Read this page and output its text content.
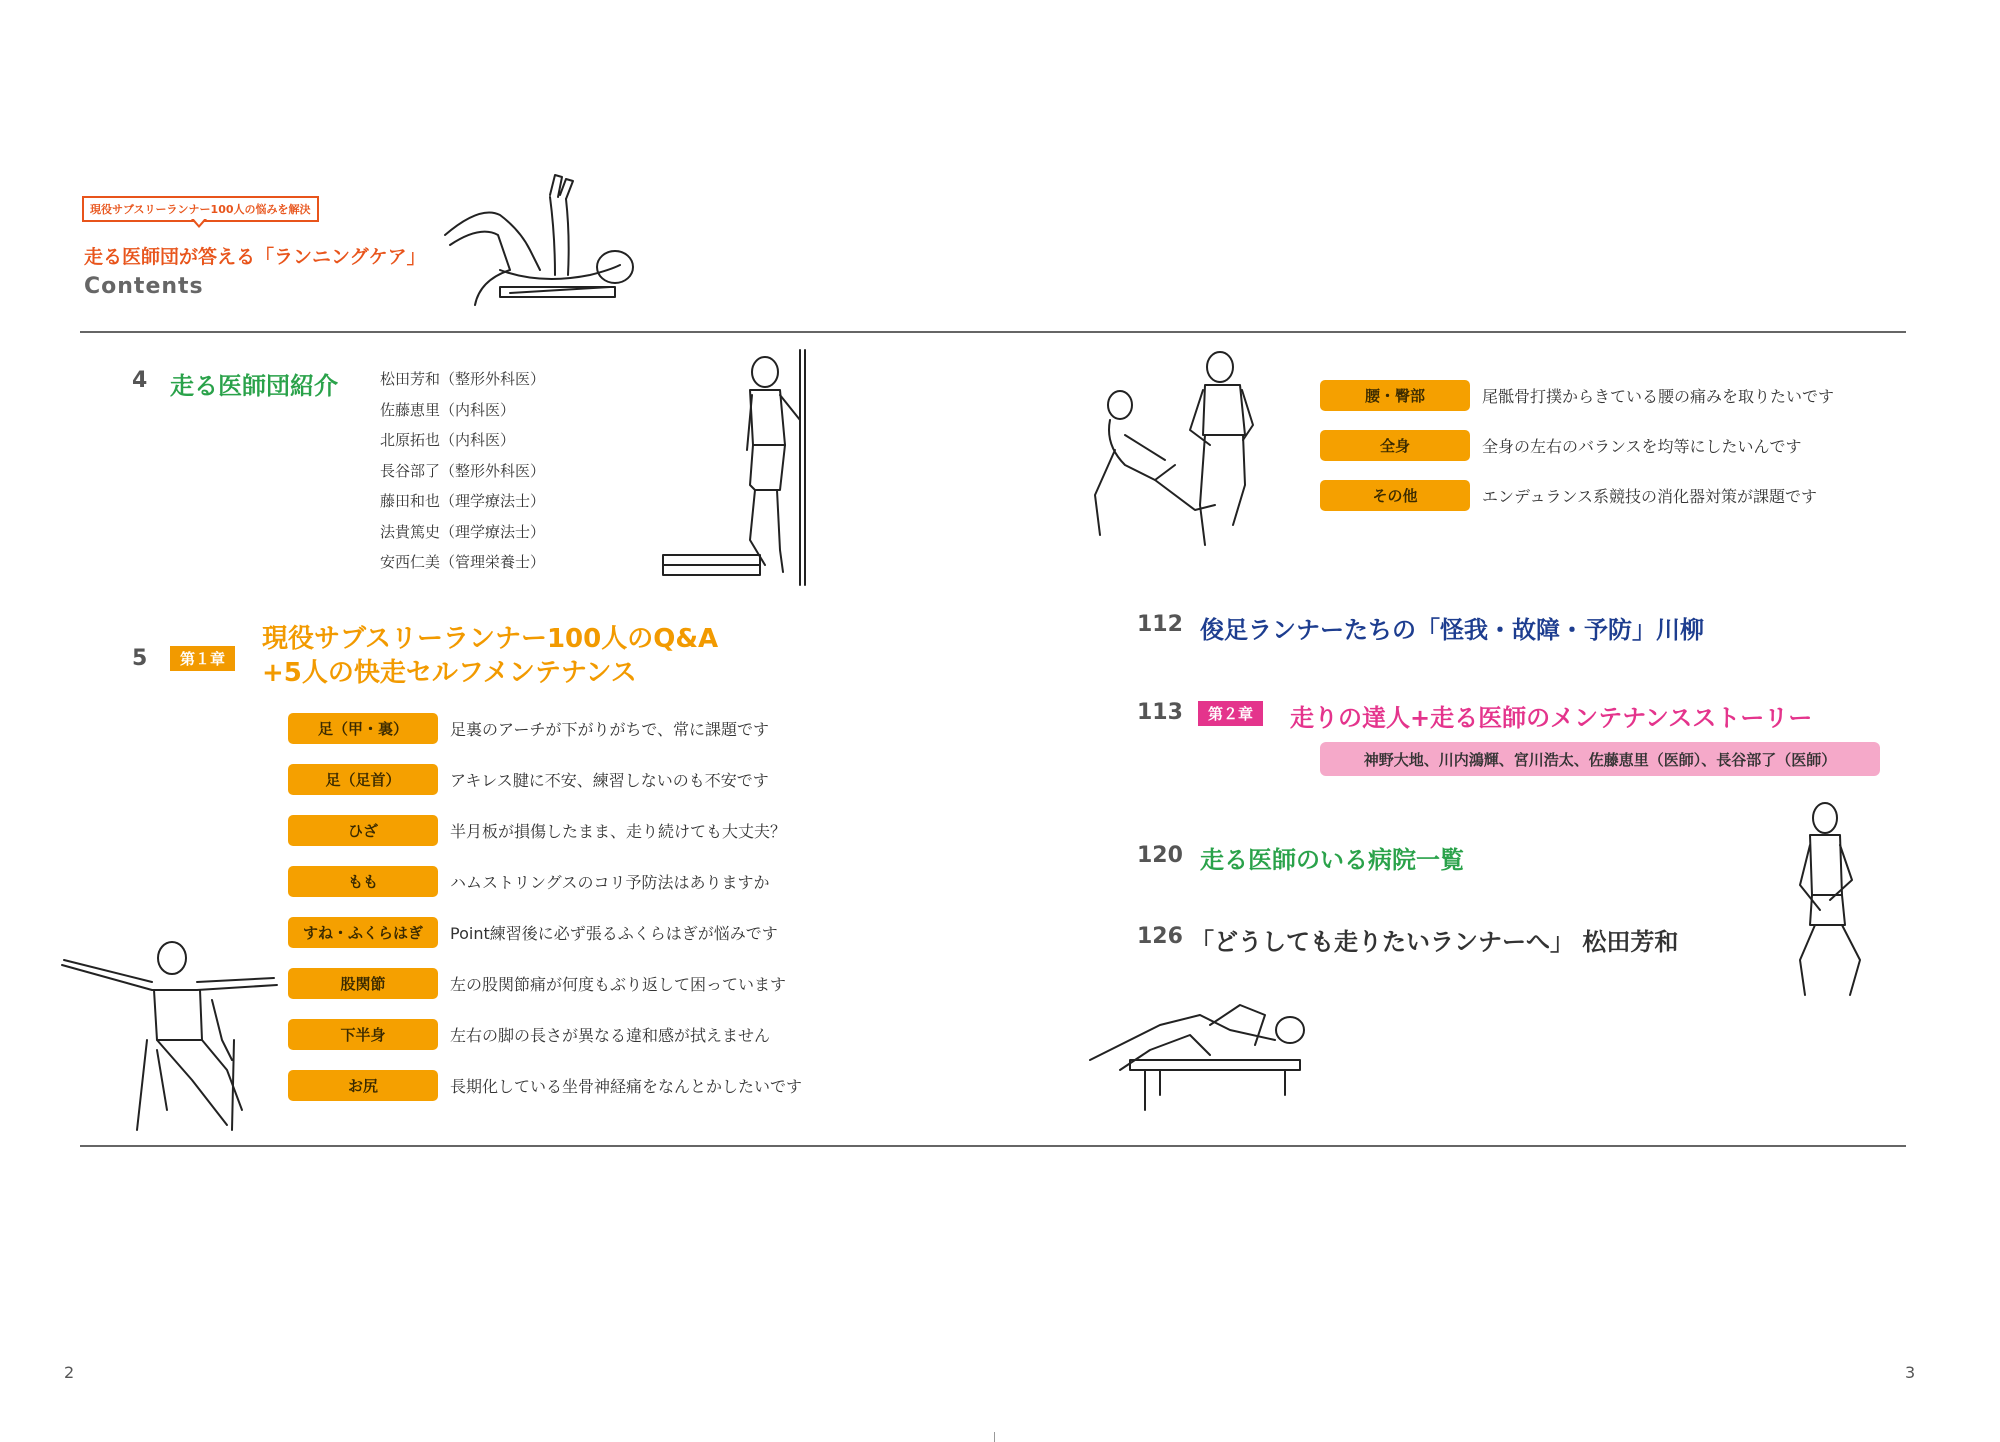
現役サブスリーランナー100人の悩みを解決
走る医師団が答える「ランニングケア」
Contents
4 走る医師団紹介	松田芳和（整形外科医）
佐藤恵里（内科医）
北原拓也（内科医）
長谷部了（整形外科医）
藤田和也（理学療法士）
法貴篤史（理学療法士）
安西仁美（管理栄養士）
5	第１章
現役サブスリーランナー100人のQ&A
+5人の快走セルフメンテナンス
足（甲・裏）	足裏のアーチが下がりがちで、常に課題です
足（足首）	アキレス腱に不安、練習しないのも不安です
ひざ	半月板が損傷したまま、走り続けても大丈夫？
もも	ハムストリングスのコリ予防法はありますか
すね・ふくらはぎ	Point練習後に必ず張るふくらはぎが悩みです
股関節	左の股関節痛が何度もぶり返して困っています
下半身	左右の脚の長さが異なる違和感が拭えません
お尻	長期化している坐骨神経痛をなんとかしたいです
腰・臀部	尾骶骨打撲からきている腰の痛みを取りたいです
全身	全身の左右のバランスを均等にしたいんです
その他	エンデュランス系競技の消化器対策が課題です
112 俊足ランナーたちの「怪我・故障・予防」川柳
113	第２章	走りの達人+走る医師のメンテナンスストーリー
神野大地、川内鴻輝、宮川浩太、佐藤恵里（医師）、長谷部了（医師）
120 走る医師のいる病院一覧
126 「どうしても走りたいランナーへ」 松田芳和
2	3
